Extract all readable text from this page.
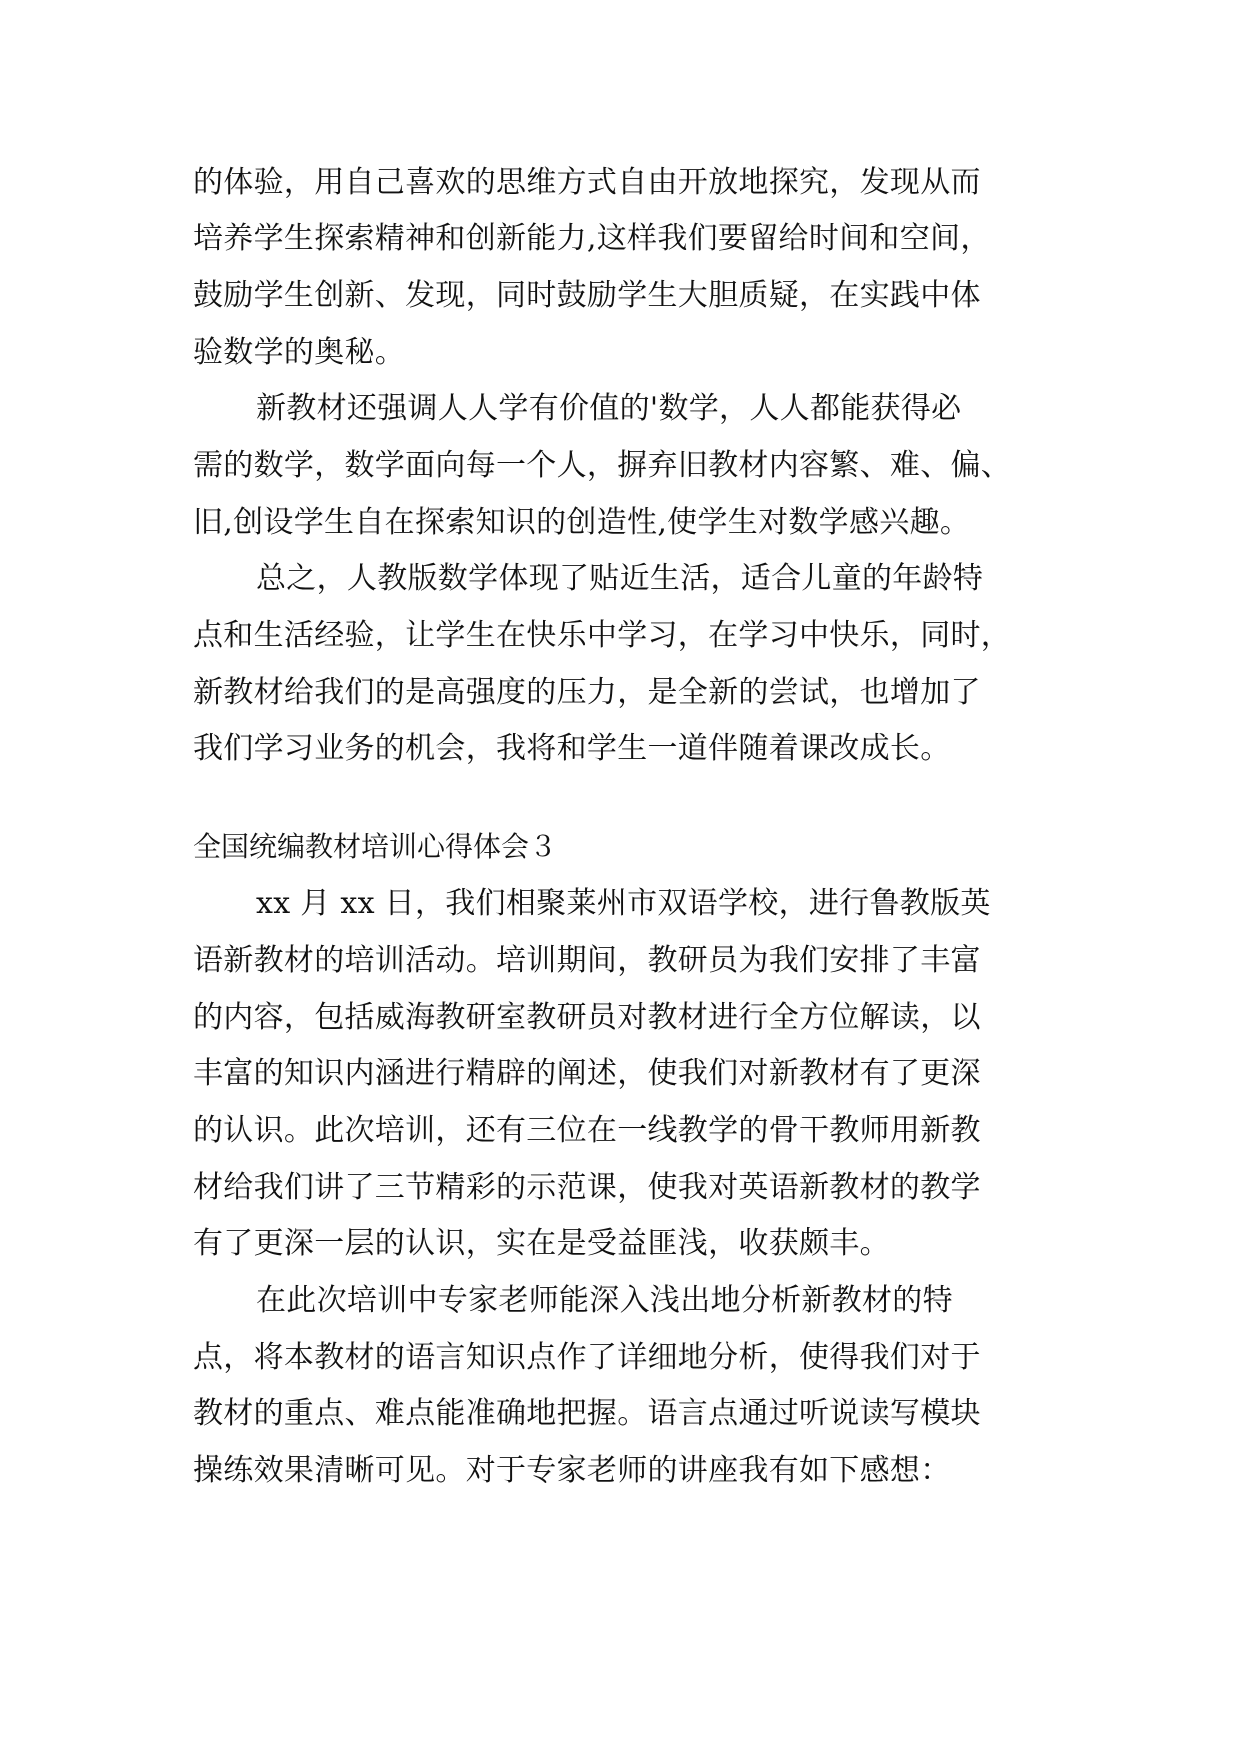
的体验，用自己喜欢的思维方式自由开放地探究，发现从而
培养学生探索精神和创新能力,这样我们要留给时间和空间，
鼓励学生创新、发现，同时鼓励学生大胆质疑，在实践中体
验数学的奥秘。
新教材还强调人人学有价值的'数学，人人都能获得必
需的数学，数学面向每一个人，摒弃旧教材内容繁、难、偏、
旧,创设学生自在探索知识的创造性,使学生对数学感兴趣。
总之，人教版数学体现了贴近生活，适合儿童的年龄特
点和生活经验，让学生在快乐中学习，在学习中快乐，同时，
新教材给我们的是高强度的压力，是全新的尝试，也增加了
我们学习业务的机会，我将和学生一道伴随着课改成长。
全国统编教材培训心得体会３
xx 月 xx 日，我们相聚莱州市双语学校，进行鲁教版英
语新教材的培训活动。培训期间，教研员为我们安排了丰富
的内容，包括威海教研室教研员对教材进行全方位解读，以
丰富的知识内涵进行精辟的阐述，使我们对新教材有了更深
的认识。此次培训，还有三位在一线教学的骨干教师用新教
材给我们讲了三节精彩的示范课，使我对英语新教材的教学
有了更深一层的认识，实在是受益匪浅，收获颇丰。
在此次培训中专家老师能深入浅出地分析新教材的特
点，将本教材的语言知识点作了详细地分析，使得我们对于
教材的重点、难点能准确地把握。语言点通过听说读写模块
操练效果清晰可见。对于专家老师的讲座我有如下感想：
